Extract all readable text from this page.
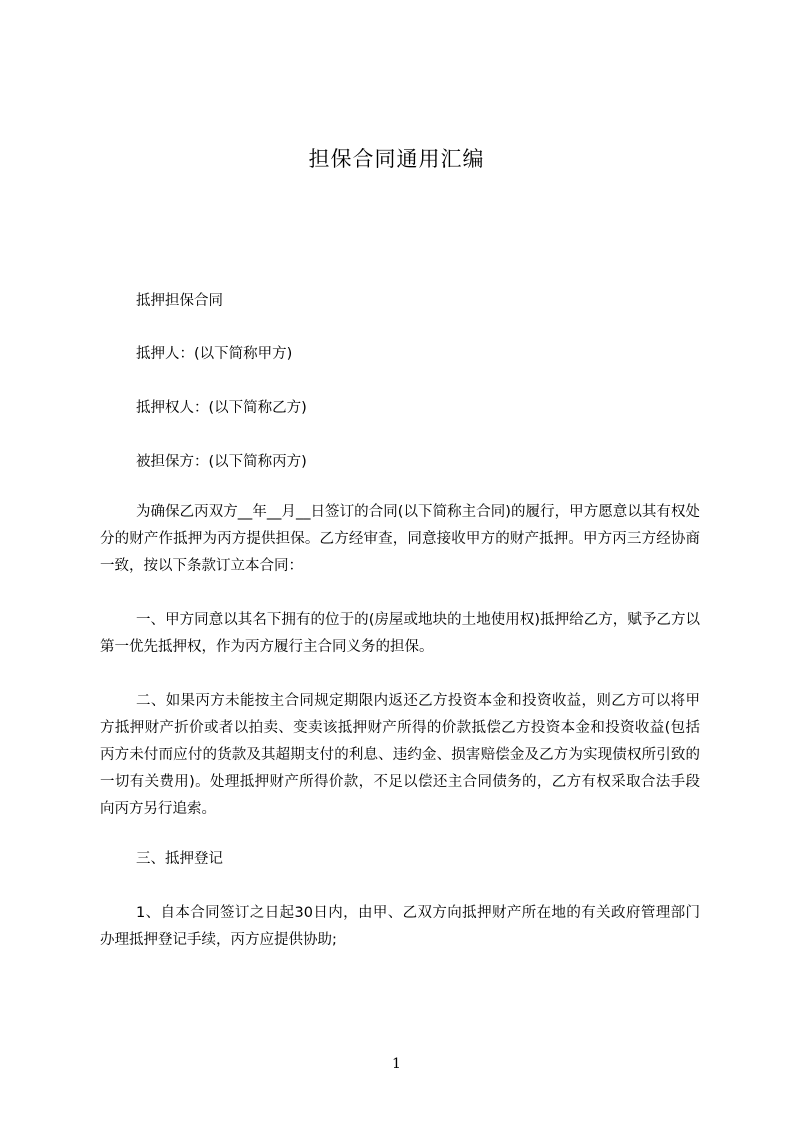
担保合同通用汇编

抵押担保合同

抵押人：(以下简称甲方)

抵押权人：(以下简称乙方)

被担保方：(以下简称丙方)

为确保乙丙双方__年__月__日签订的合同(以下简称主合同)的履行，甲方愿意以其有权处分的财产作抵押为丙方提供担保。乙方经审查，同意接收甲方的财产抵押。甲方丙三方经协商一致，按以下条款订立本合同：

一、甲方同意以其名下拥有的位于的(房屋或地块的土地使用权)抵押给乙方，赋予乙方以第一优先抵押权，作为丙方履行主合同义务的担保。

二、如果丙方未能按主合同规定期限内返还乙方投资本金和投资收益，则乙方可以将甲方抵押财产折价或者以拍卖、变卖该抵押财产所得的价款抵偿乙方投资本金和投资收益(包括丙方未付而应付的货款及其超期支付的利息、违约金、损害赔偿金及乙方为实现债权所引致的一切有关费用)。处理抵押财产所得价款，不足以偿还主合同债务的，乙方有权采取合法手段向丙方另行追索。

三、抵押登记

1、自本合同签订之日起30日内，由甲、乙双方向抵押财产所在地的有关政府管理部门办理抵押登记手续，丙方应提供协助;

1
